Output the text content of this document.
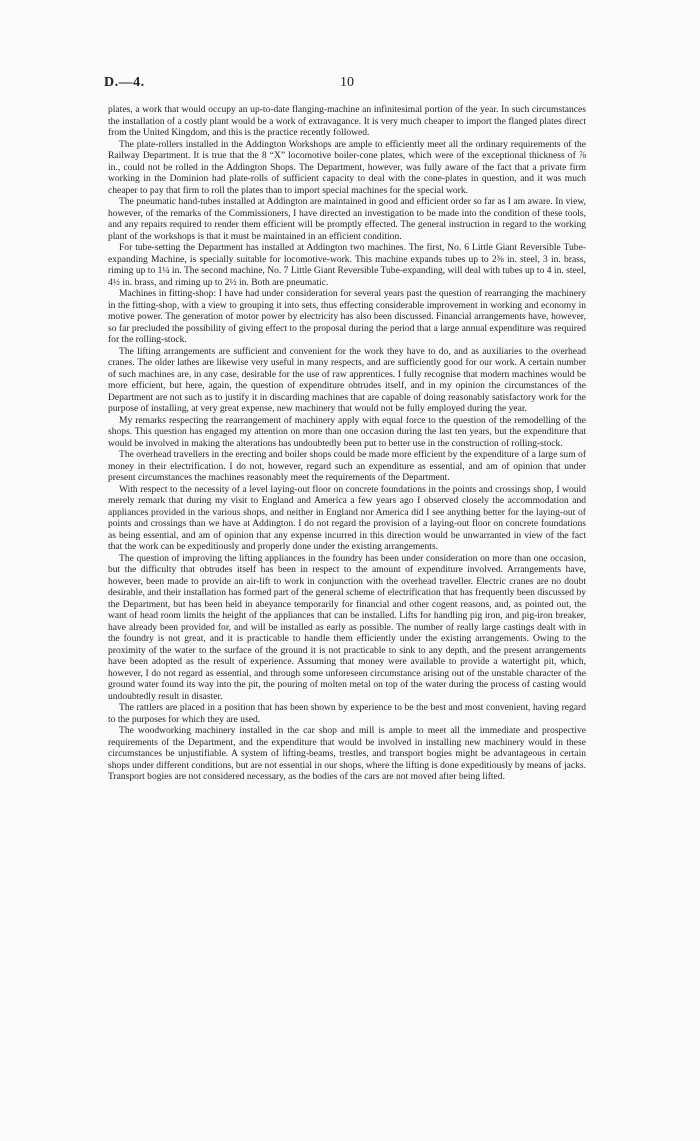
D.—4.	10

plates, a work that would occupy an up-to-date flanging-machine an infinitesimal portion of the year. In such circumstances the installation of a costly plant would be a work of extravagance. It is very much cheaper to import the flanged plates direct from the United Kingdom, and this is the practice recently followed.

The plate-rollers installed in the Addington Workshops are ample to efficiently meet all the ordinary requirements of the Railway Department. It is true that the 8 “X” locomotive boiler-cone plates, which were of the exceptional thickness of ⅞ in., could not be rolled in the Addington Shops. The Department, however, was fully aware of the fact that a private firm working in the Dominion had plate-rolls of sufficient capacity to deal with the cone-plates in question, and it was much cheaper to pay that firm to roll the plates than to import special machines for the special work.

The pneumatic hand-tubes installed at Addington are maintained in good and efficient order so far as I am aware. In view, however, of the remarks of the Commissioners, I have directed an investigation to be made into the condition of these tools, and any repairs required to render them efficient will be promptly effected. The general instruction in regard to the working plant of the workshops is that it must be maintained in an efficient condition.

For tube-setting the Department has installed at Addington two machines. The first, No. 6 Little Giant Reversible Tube-expanding Machine, is specially suitable for locomotive-work. This machine expands tubes up to 2⅜ in. steel, 3 in. brass, riming up to 1¼ in. The second machine, No. 7 Little Giant Reversible Tube-expanding, will deal with tubes up to 4 in. steel, 4½ in. brass, and riming up to 2½ in. Both are pneumatic.

Machines in fitting-shop: I have had under consideration for several years past the question of rearranging the machinery in the fitting-shop, with a view to grouping it into sets, thus effecting considerable improvement in working and economy in motive power. The generation of motor power by electricity has also been discussed. Financial arrangements have, however, so far precluded the possibility of giving effect to the proposal during the period that a large annual expenditure was required for the rolling-stock.

The lifting arrangements are sufficient and convenient for the work they have to do, and as auxiliaries to the overhead cranes. The older lathes are likewise very useful in many respects, and are sufficiently good for our work. A certain number of such machines are, in any case, desirable for the use of raw apprentices. I fully recognise that modern machines would be more efficient, but here, again, the question of expenditure obtrudes itself, and in my opinion the circumstances of the Department are not such as to justify it in discarding machines that are capable of doing reasonably satisfactory work for the purpose of installing, at very great expense, new machinery that would not be fully employed during the year.

My remarks respecting the rearrangement of machinery apply with equal force to the question of the remodelling of the shops. This question has engaged my attention on more than one occasion during the last ten years, but the expenditure that would be involved in making the alterations has undoubtedly been put to better use in the construction of rolling-stock.

The overhead travellers in the erecting and boiler shops could be made more efficient by the expenditure of a large sum of money in their electrification. I do not, however, regard such an expenditure as essential, and am of opinion that under present circumstances the machines reasonably meet the requirements of the Department.

With respect to the necessity of a level laying-out floor on concrete foundations in the points and crossings shop, I would merely remark that during my visit to England and America a few years ago I observed closely the accommodation and appliances provided in the various shops, and neither in England nor America did I see anything better for the laying-out of points and crossings than we have at Addington. I do not regard the provision of a laying-out floor on concrete foundations as being essential, and am of opinion that any expense incurred in this direction would be unwarranted in view of the fact that the work can be expeditiously and properly done under the existing arrangements.

The question of improving the lifting appliances in the foundry has been under consideration on more than one occasion, but the difficulty that obtrudes itself has been in respect to the amount of expenditure involved. Arrangements have, however, been made to provide an air-lift to work in conjunction with the overhead traveller. Electric cranes are no doubt desirable, and their installation has formed part of the general scheme of electrification that has frequently been discussed by the Department, but has been held in abeyance temporarily for financial and other cogent reasons, and, as pointed out, the want of head room limits the height of the appliances that can be installed. Lifts for handling pig iron, and pig-iron breaker, have already been provided for, and will be installed as early as possible. The number of really large castings dealt with in the foundry is not great, and it is practicable to handle them efficiently under the existing arrangements. Owing to the proximity of the water to the surface of the ground it is not practicable to sink to any depth, and the present arrangements have been adopted as the result of experience. Assuming that money were available to provide a watertight pit, which, however, I do not regard as essential, and through some unforeseen circumstance arising out of the unstable character of the ground water found its way into the pit, the pouring of molten metal on top of the water during the process of casting would undoubtedly result in disaster.

The rattlers are placed in a position that has been shown by experience to be the best and most convenient, having regard to the purposes for which they are used.

The woodworking machinery installed in the car shop and mill is ample to meet all the immediate and prospective requirements of the Department, and the expenditure that would be involved in installing new machinery would in these circumstances be unjustifiable. A system of lifting-beams, trestles, and transport bogies might be advantageous in certain shops under different conditions, but are not essential in our shops, where the lifting is done expeditiously by means of jacks. Transport bogies are not considered necessary, as the bodies of the cars are not moved after being lifted.
